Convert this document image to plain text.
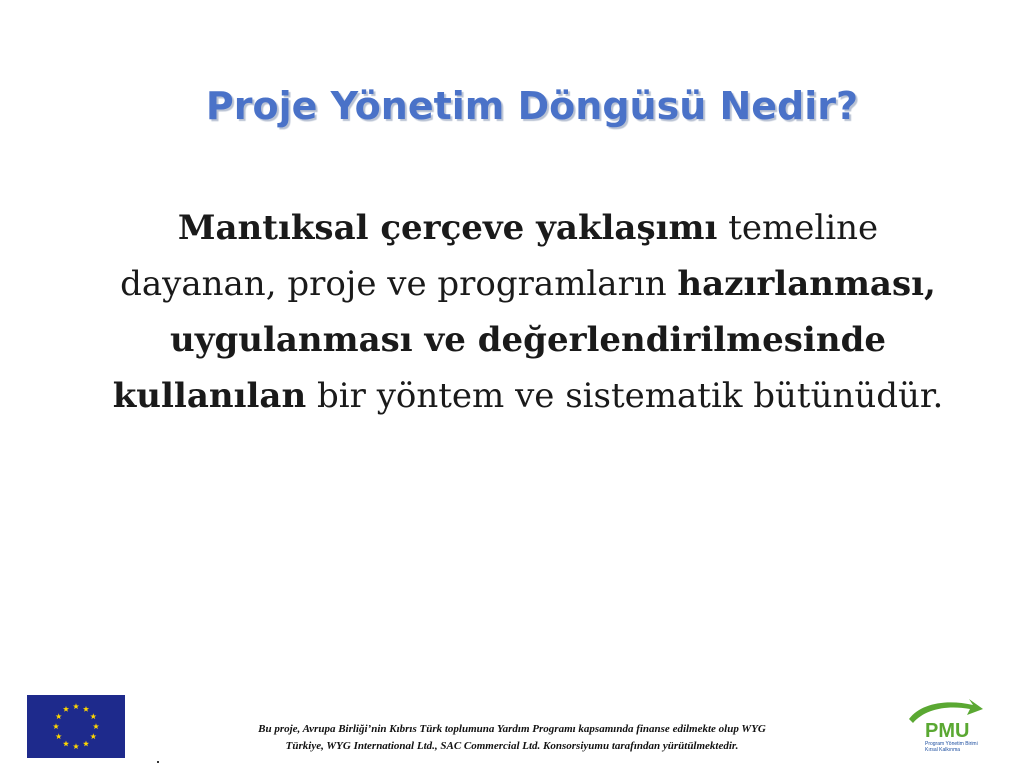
Proje Yönetim Döngüsü Nedir?
Mantıksal çerçeve yaklaşımı temeline dayanan, proje ve programların hazırlanması, uygulanması ve değerlendirilmesinde kullanılan bir yöntem ve sistematik bütünüdür.
Bu proje, Avrupa Birliği’nin Kıbrıs Türk toplumuna Yardım Programı kapsamında finanse edilmekte olup WYG
Türkiye, WYG International Ltd., SAC Commercial Ltd. Konsorsiyumu tarafından yürütülmektedir.
PMU
Program Yönetim Birimi
Kırsal Kalkınma
